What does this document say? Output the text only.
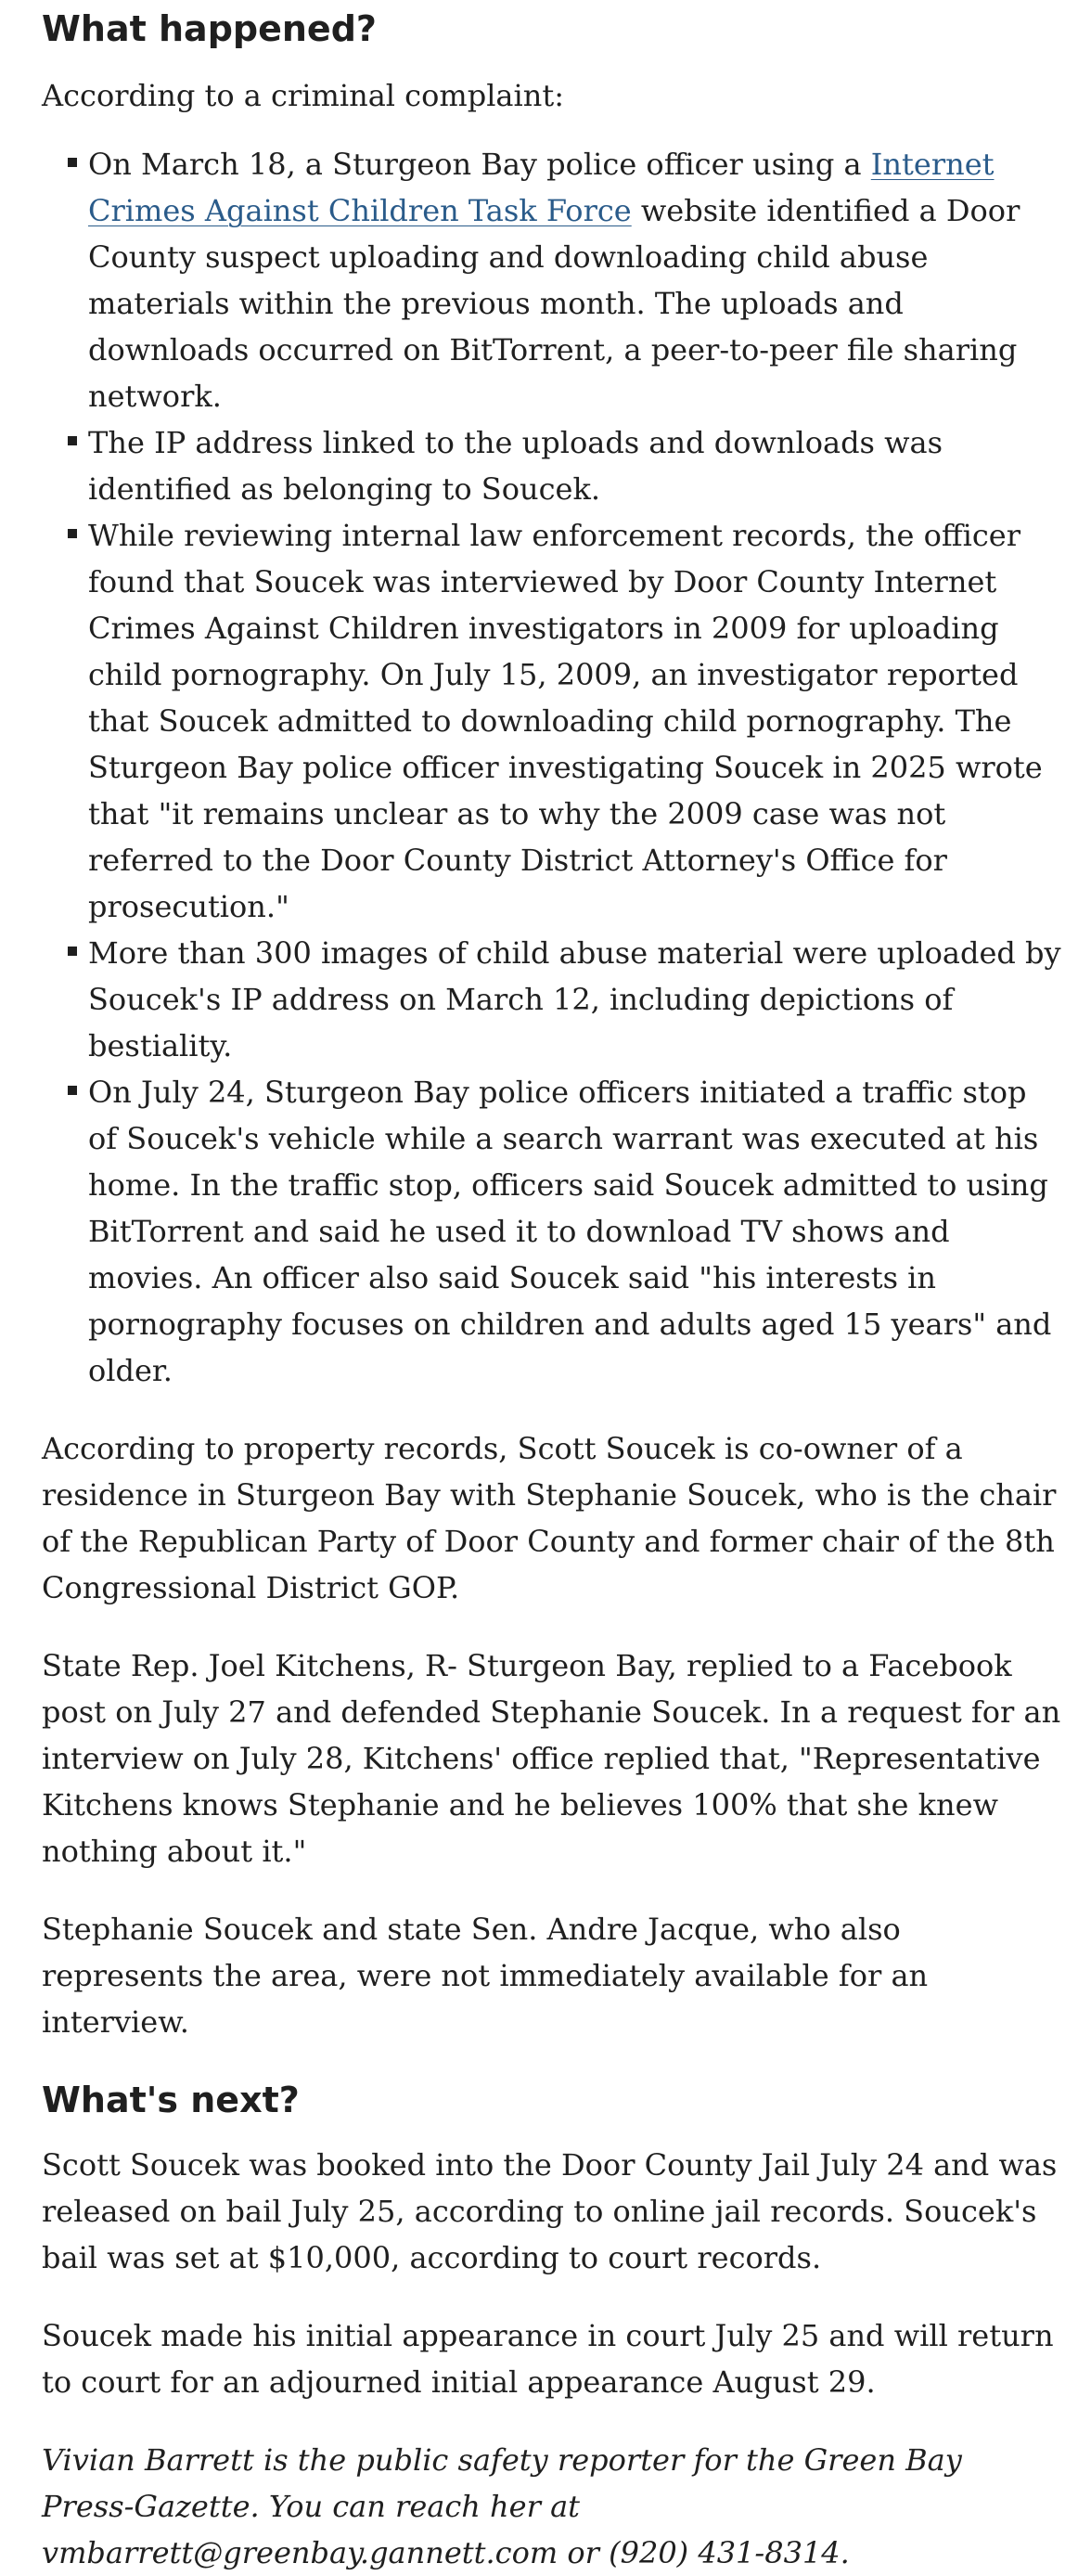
What happened?

According to a criminal complaint:

On March 18, a Sturgeon Bay police officer using a Internet Crimes Against Children Task Force website identified a Door County suspect uploading and downloading child abuse materials within the previous month. The uploads and downloads occurred on BitTorrent, a peer-to-peer file sharing network.
The IP address linked to the uploads and downloads was identified as belonging to Soucek.
While reviewing internal law enforcement records, the officer found that Soucek was interviewed by Door County Internet Crimes Against Children investigators in 2009 for uploading child pornography. On July 15, 2009, an investigator reported that Soucek admitted to downloading child pornography. The Sturgeon Bay police officer investigating Soucek in 2025 wrote that "it remains unclear as to why the 2009 case was not referred to the Door County District Attorney's Office for prosecution."
More than 300 images of child abuse material were uploaded by Soucek's IP address on March 12, including depictions of bestiality.
On July 24, Sturgeon Bay police officers initiated a traffic stop of Soucek's vehicle while a search warrant was executed at his home. In the traffic stop, officers said Soucek admitted to using BitTorrent and said he used it to download TV shows and movies. An officer also said Soucek said "his interests in pornography focuses on children and adults aged 15 years" and older.

According to property records, Scott Soucek is co-owner of a residence in Sturgeon Bay with Stephanie Soucek, who is the chair of the Republican Party of Door County and former chair of the 8th Congressional District GOP.

State Rep. Joel Kitchens, R- Sturgeon Bay, replied to a Facebook post on July 27 and defended Stephanie Soucek. In a request for an interview on July 28, Kitchens' office replied that, "Representative Kitchens knows Stephanie and he believes 100% that she knew nothing about it."

Stephanie Soucek and state Sen. Andre Jacque, who also represents the area, were not immediately available for an interview.

What's next?

Scott Soucek was booked into the Door County Jail July 24 and was released on bail July 25, according to online jail records. Soucek's bail was set at $10,000, according to court records.

Soucek made his initial appearance in court July 25 and will return to court for an adjourned initial appearance August 29.

Vivian Barrett is the public safety reporter for the Green Bay Press-Gazette. You can reach her at vmbarrett@greenbay.gannett.com or (920) 431-8314.
